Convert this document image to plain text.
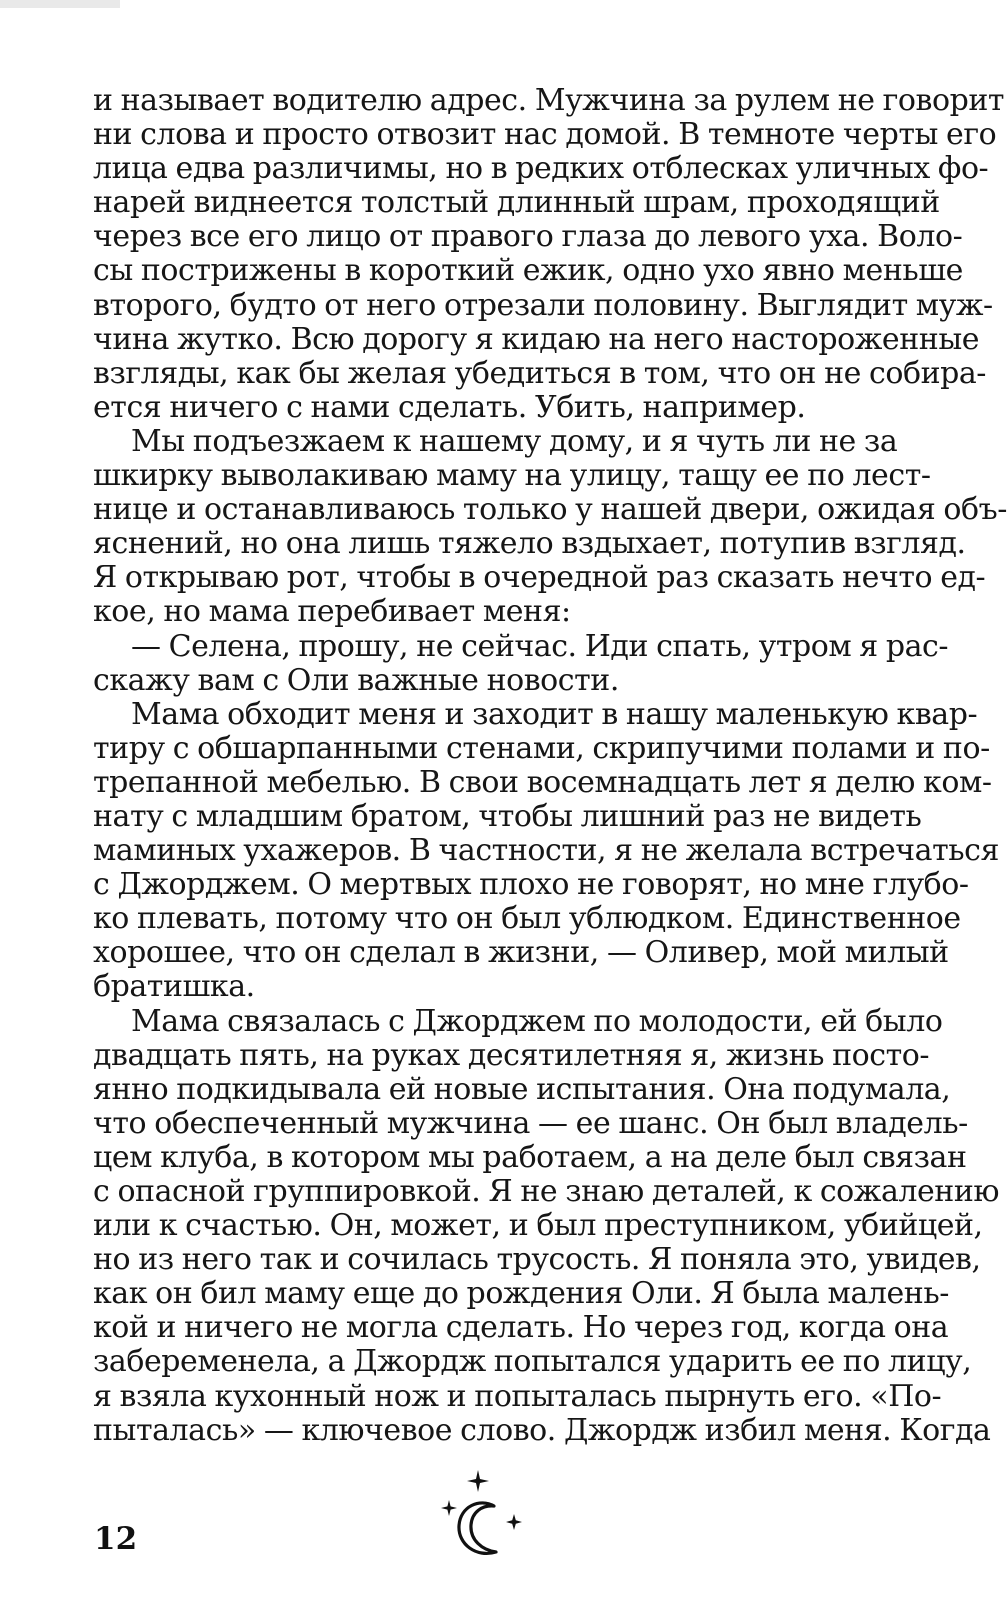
и называет водителю адрес. Мужчина за рулем не говорит
ни слова и просто отвозит нас домой. В темноте черты его
лица едва различимы, но в редких отблесках уличных фо-
нарей виднеется толстый длинный шрам, проходящий
через все его лицо от правого глаза до левого уха. Воло-
сы пострижены в короткий ежик, одно ухо явно меньше
второго, будто от него отрезали половину. Выглядит муж-
чина жутко. Всю дорогу я кидаю на него настороженные
взгляды, как бы желая убедиться в том, что он не собира-
ется ничего с нами сделать. Убить, например.
Мы подъезжаем к нашему дому, и я чуть ли не за
шкирку выволакиваю маму на улицу, тащу ее по лест-
нице и останавливаюсь только у нашей двери, ожидая объ-
яснений, но она лишь тяжело вздыхает, потупив взгляд.
Я открываю рот, чтобы в очередной раз сказать нечто ед-
кое, но мама перебивает меня:
— Селена, прошу, не сейчас. Иди спать, утром я рас-
скажу вам с Оли важные новости.
Мама обходит меня и заходит в нашу маленькую квар-
тиру с обшарпанными стенами, скрипучими полами и по-
трепанной мебелью. В свои восемнадцать лет я делю ком-
нату с младшим братом, чтобы лишний раз не видеть
маминых ухажеров. В частности, я не желала встречаться
с Джорджем. О мертвых плохо не говорят, но мне глубо-
ко плевать, потому что он был ублюдком. Единственное
хорошее, что он сделал в жизни, — Оливер, мой милый
братишка.
Мама связалась с Джорджем по молодости, ей было
двадцать пять, на руках десятилетняя я, жизнь посто-
янно подкидывала ей новые испытания. Она подумала,
что обеспеченный мужчина — ее шанс. Он был владель-
цем клуба, в котором мы работаем, а на деле был связан
с опасной группировкой. Я не знаю деталей, к сожалению
или к счастью. Он, может, и был преступником, убийцей,
но из него так и сочилась трусость. Я поняла это, увидев,
как он бил маму еще до рождения Оли. Я была малень-
кой и ничего не могла сделать. Но через год, когда она
забеременела, а Джордж попытался ударить ее по лицу,
я взяла кухонный нож и попыталась пырнуть его. «По-
пыталась» — ключевое слово. Джордж избил меня. Когда
12
